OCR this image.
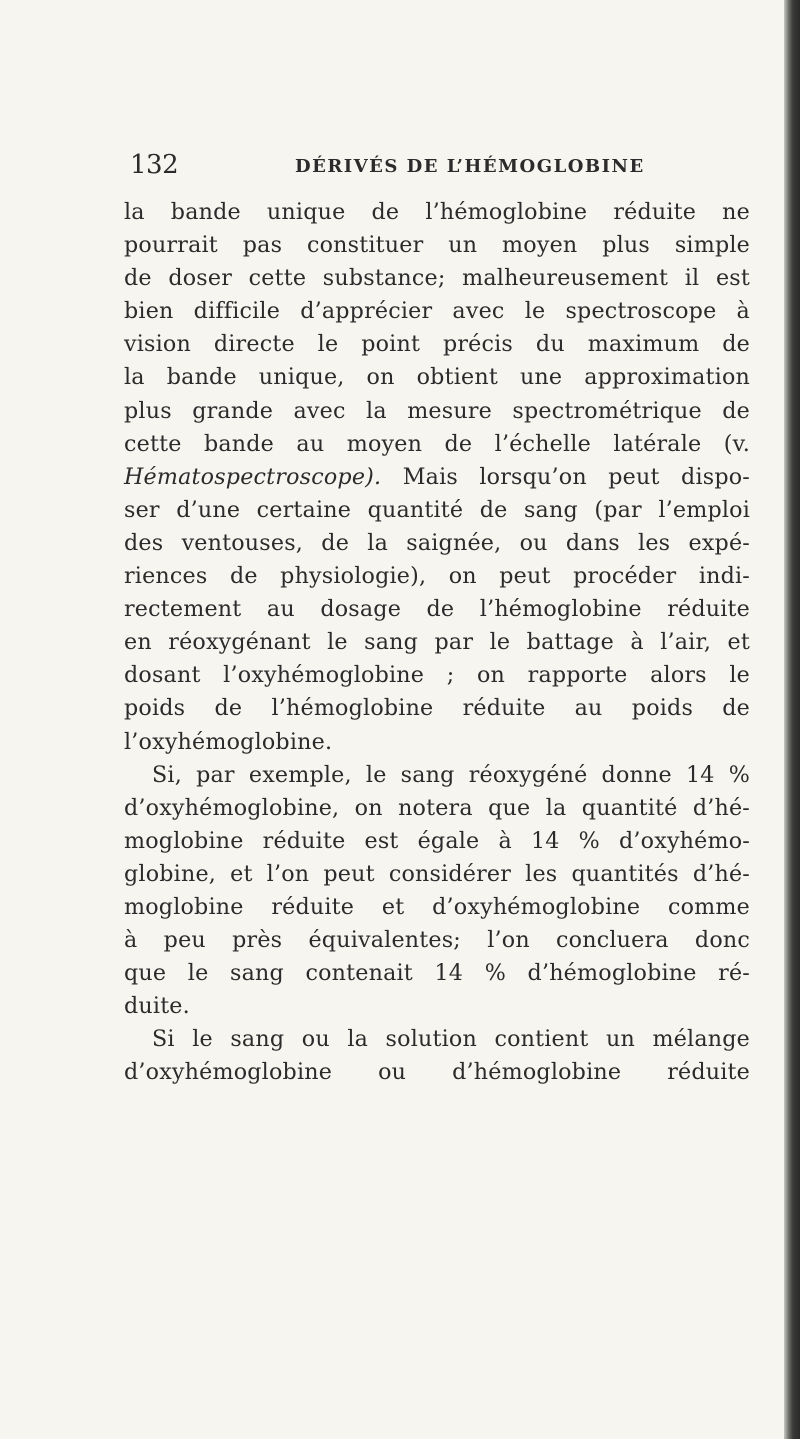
132	DÉRIVÉS DE L’HÉMOGLOBINE
la bande unique de l’hémoglobine réduite ne
pourrait pas constituer un moyen plus simple
de doser cette substance; malheureusement il est
bien difficile d’apprécier avec le spectroscope à
vision directe le point précis du maximum de
la bande unique, on obtient une approximation
plus grande avec la mesure spectrométrique de
cette bande au moyen de l’échelle latérale (v.
Hématospectroscope). Mais lorsqu’on peut dispo-
ser d’une certaine quantité de sang (par l’emploi
des ventouses, de la saignée, ou dans les expé-
riences de physiologie), on peut procéder indi-
rectement au dosage de l’hémoglobine réduite
en réoxygénant le sang par le battage à l’air, et
dosant l’oxyhémoglobine ; on rapporte alors le
poids de l’hémoglobine réduite au poids de
l’oxyhémoglobine.
Si, par exemple, le sang réoxygéné donne 14 %
d’oxyhémoglobine, on notera que la quantité d’hé-
moglobine réduite est égale à 14 % d’oxyhémo-
globine, et l’on peut considérer les quantités d’hé-
moglobine réduite et d’oxyhémoglobine comme
à peu près équivalentes; l’on concluera donc
que le sang contenait 14 % d’hémoglobine ré-
duite.
Si le sang ou la solution contient un mélange
d’oxyhémoglobine ou d’hémoglobine réduite
